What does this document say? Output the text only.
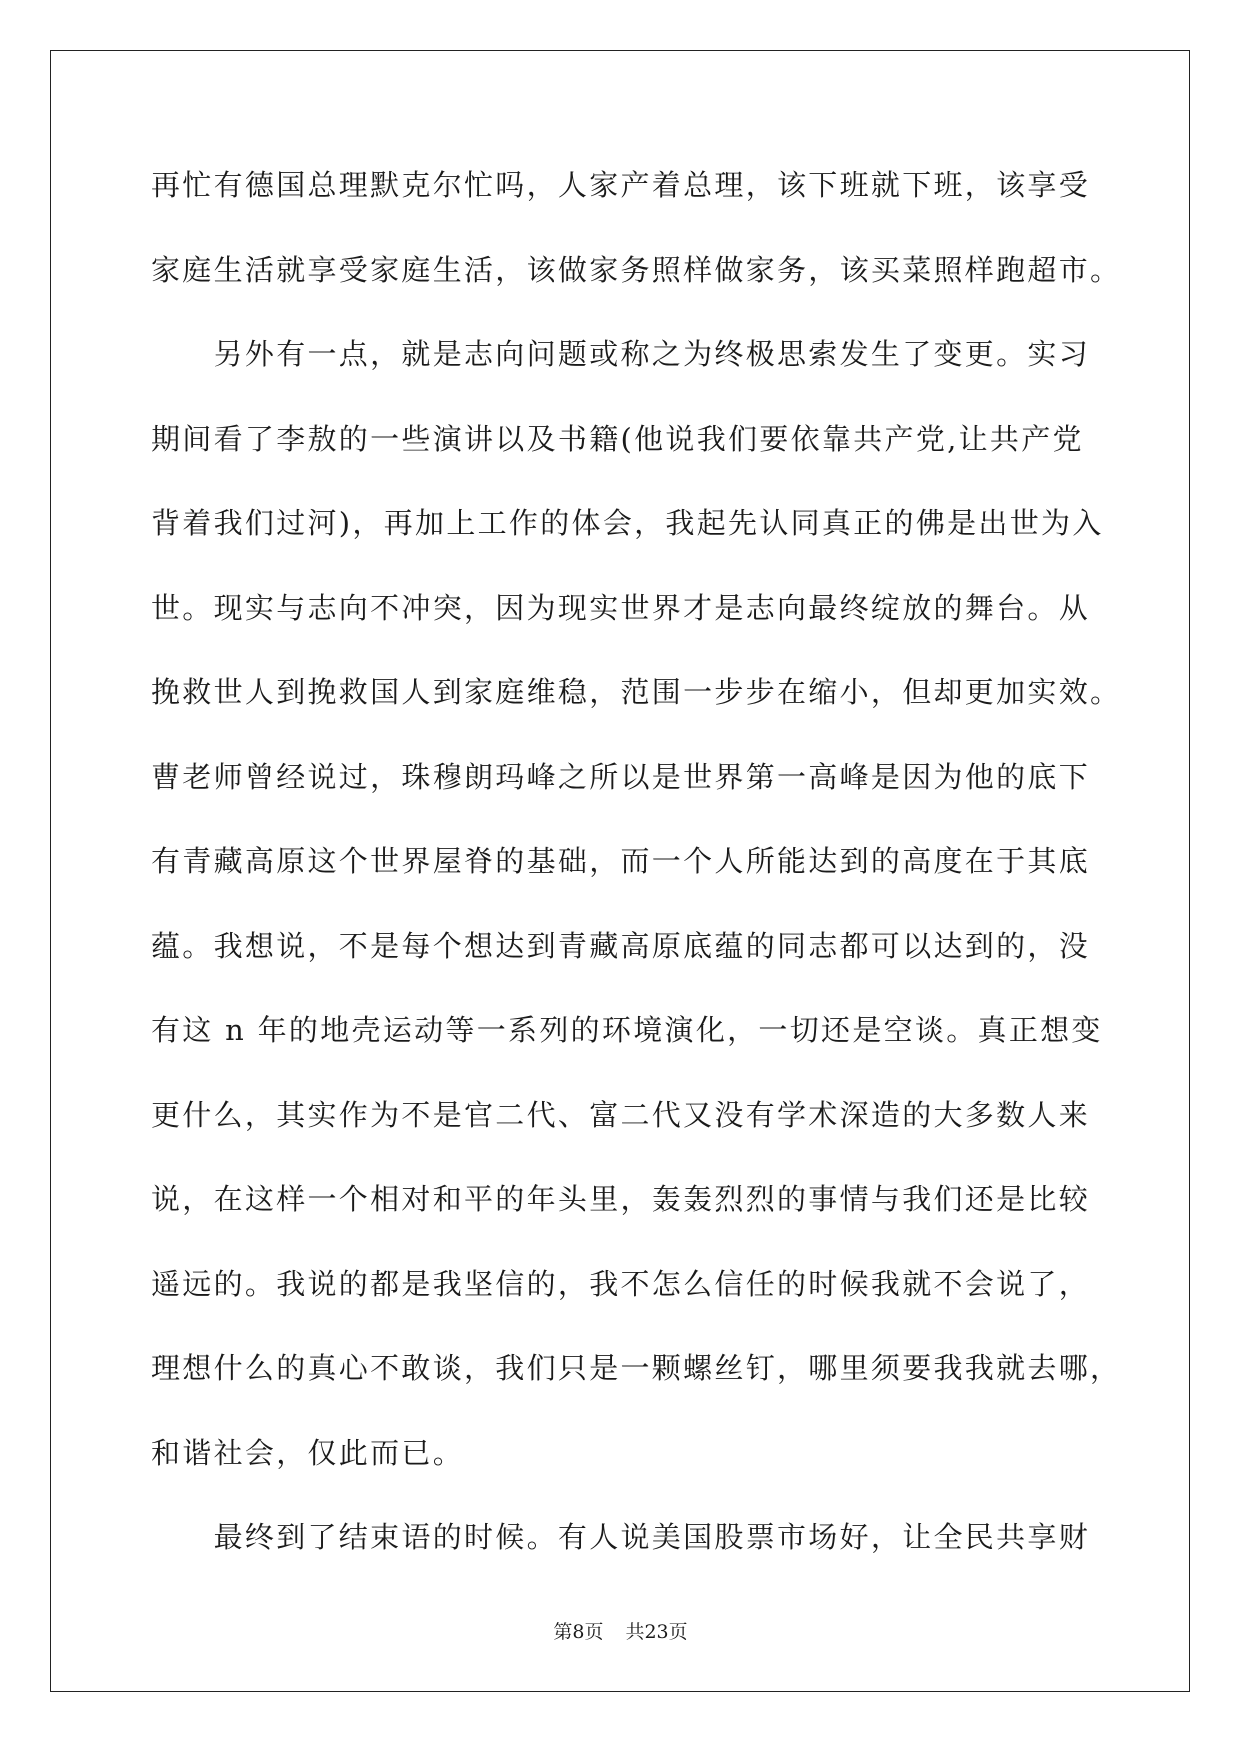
再忙有德国总理默克尔忙吗，人家产着总理，该下班就下班，该享受
家庭生活就享受家庭生活，该做家务照样做家务，该买菜照样跑超市。
　　另外有一点，就是志向问题或称之为终极思索发生了变更。实习
期间看了李敖的一些演讲以及书籍(他说我们要依靠共产党,让共产党
背着我们过河)，再加上工作的体会，我起先认同真正的佛是出世为入
世。现实与志向不冲突，因为现实世界才是志向最终绽放的舞台。从
挽救世人到挽救国人到家庭维稳，范围一步步在缩小，但却更加实效。
曹老师曾经说过，珠穆朗玛峰之所以是世界第一高峰是因为他的底下
有青藏高原这个世界屋脊的基础，而一个人所能达到的高度在于其底
蕴。我想说，不是每个想达到青藏高原底蕴的同志都可以达到的，没
有这 n 年的地壳运动等一系列的环境演化，一切还是空谈。真正想变
更什么，其实作为不是官二代、富二代又没有学术深造的大多数人来
说，在这样一个相对和平的年头里，轰轰烈烈的事情与我们还是比较
遥远的。我说的都是我坚信的，我不怎么信任的时候我就不会说了，
理想什么的真心不敢谈，我们只是一颗螺丝钉，哪里须要我我就去哪，
和谐社会，仅此而已。
　　最终到了结束语的时候。有人说美国股票市场好，让全民共享财
第8页 共23页
